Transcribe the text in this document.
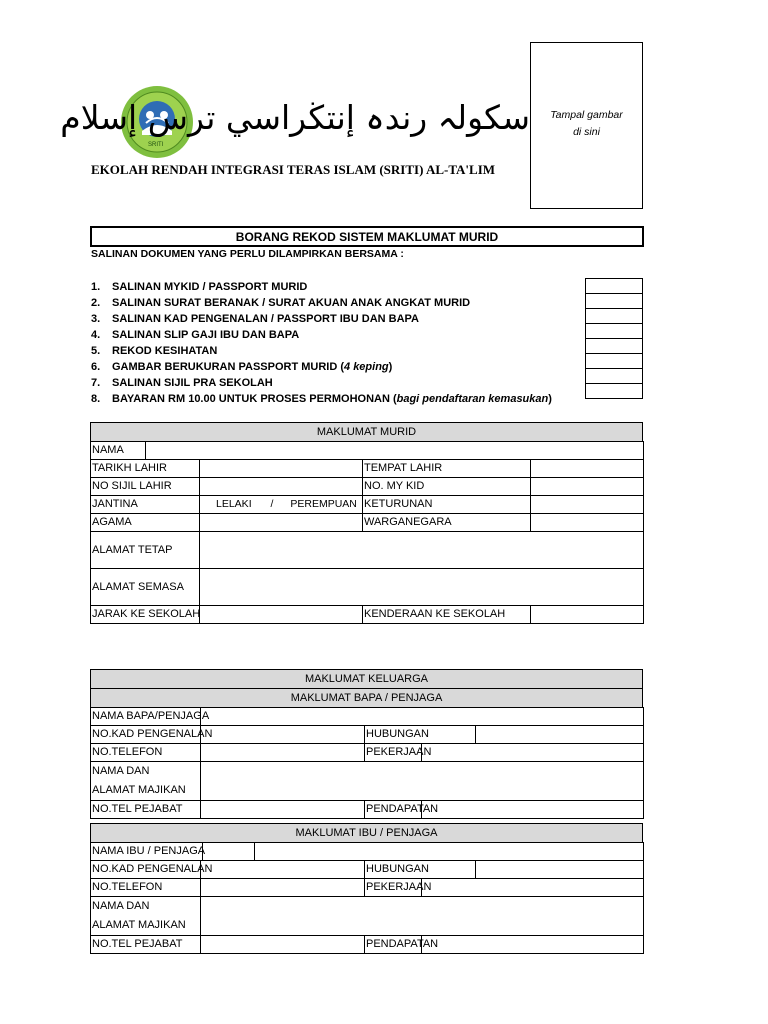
SRITI
سكولہ رندہ إنتڬراسي ترس إسلام
EKOLAH RENDAH INTEGRASI TERAS ISLAM (SRITI) AL-TA'LIM
Tampal gambar
di sini
BORANG REKOD SISTEM MAKLUMAT MURID
SALINAN DOKUMEN YANG PERLU DILAMPIRKAN BERSAMA :
1. SALINAN MYKID / PASSPORT MURID
2. SALINAN SURAT BERANAK / SURAT AKUAN ANAK ANGKAT MURID
3. SALINAN KAD PENGENALAN / PASSPORT IBU DAN BAPA
4. SALINAN SLIP GAJI IBU DAN BAPA
5. REKOD KESIHATAN
6. GAMBAR BERUKURAN PASSPORT MURID (4 keping)
7. SALINAN SIJIL PRA SEKOLAH
8. BAYARAN RM 10.00 UNTUK PROSES PERMOHONAN (bagi pendaftaran kemasukan)

MAKLUMAT MURID
NAMA				
TARIKH LAHIR			TEMPAT LAHIR	
NO SIJIL LAHIR			NO. MY KID	
JANTINA		LELAKI / PEREMPUAN	KETURUNAN	
AGAMA			WARGANEGARA	
ALAMAT TETAP				
ALAMAT SEMASA				
JARAK KE SEKOLAH			KENDERAAN KE SEKOLAH	
MAKLUMAT KELUARGA
MAKLUMAT BAPA / PENJAGA
NAMA BAPA/PENJAGA				
NO.KAD PENGENALAN		HUBUNGAN		
NO.TELEFON		PEKERJAAN		
NAMA DAN
ALAMAT MAJIKAN				
NO.TEL PEJABAT		PENDAPATAN		
MAKLUMAT IBU / PENJAGA
NAMA IBU / PENJAGA					

NO.KAD PENGENALAN			HUBUNGAN		
NO.TELEFON			PEKERJAAN		
NAMA DAN
ALAMAT MAJIKAN					
NO.TEL PEJABAT			PENDAPATAN		
